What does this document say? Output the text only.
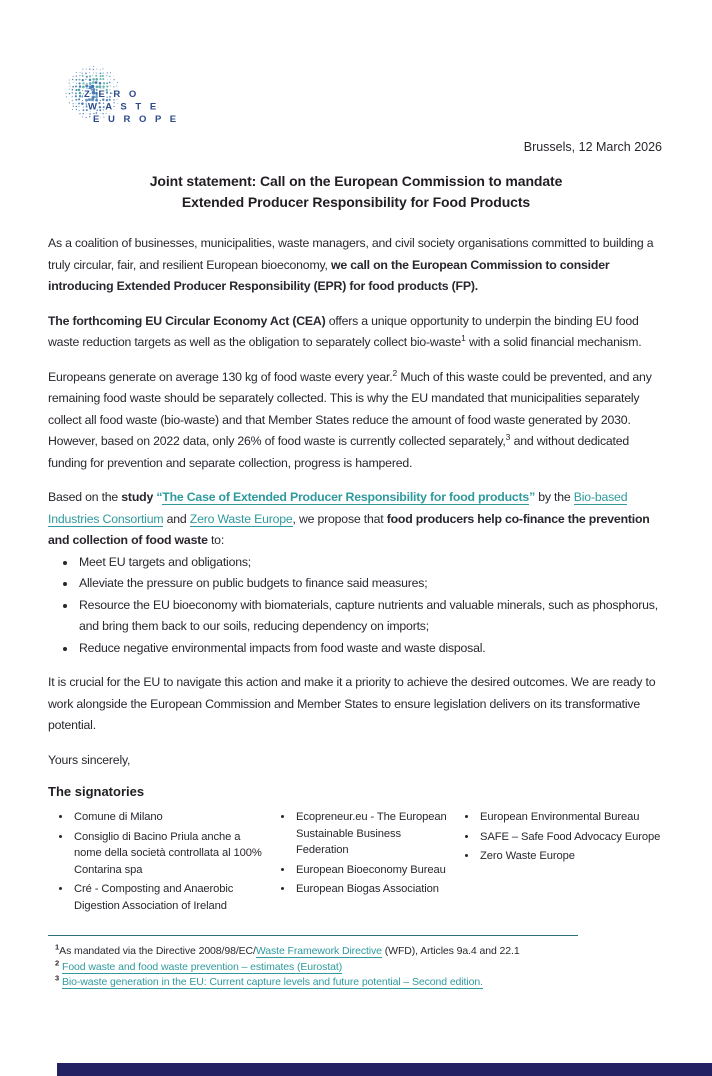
Z E R O
W A S T E
E U R O P E
Brussels, 12 March 2026
Joint statement: Call on the European Commission to mandate
Extended Producer Responsibility for Food Products

As a coalition of businesses, municipalities, waste managers, and civil society organisations committed to building a truly circular, fair, and resilient European bioeconomy, we call on the European Commission to consider introducing Extended Producer Responsibility (EPR) for food products (FP).

The forthcoming EU Circular Economy Act (CEA) offers a unique opportunity to underpin the binding EU food waste reduction targets as well as the obligation to separately collect bio-waste$^1$ with a solid financial mechanism.

Europeans generate on average 130 kg of food waste every year.$^2$ Much of this waste could be prevented, and any remaining food waste should be separately collected. This is why the EU mandated that municipalities separately collect all food waste (bio-waste) and that Member States reduce the amount of food waste generated by 2030. However, based on 2022 data, only 26% of food waste is currently collected separately,$^3$ and without dedicated funding for prevention and separate collection, progress is hampered.

Based on the study “The Case of Extended Producer Responsibility for food products” by the Bio-based Industries Consortium and Zero Waste Europe, we propose that food producers help co-finance the prevention and collection of food waste to:

• Meet EU targets and obligations;
• Alleviate the pressure on public budgets to finance said measures;
• Resource the EU bioeconomy with biomaterials, capture nutrients and valuable minerals, such as phosphorus, and bring them back to our soils, reducing dependency on imports;
• Reduce negative environmental impacts from food waste and waste disposal.

It is crucial for the EU to navigate this action and make it a priority to achieve the desired outcomes. We are ready to work alongside the European Commission and Member States to ensure legislation delivers on its transformative potential.

Yours sincerely,

The signatories
• Comune di Milano
• Consiglio di Bacino Priula anche a nome della società controllata al 100% Contarina spa
• Cré - Composting and Anaerobic Digestion Association of Ireland
• Ecopreneur.eu - The European Sustainable Business Federation
• European Bioeconomy Bureau
• European Biogas Association
• European Environmental Bureau
• SAFE – Safe Food Advocacy Europe
• Zero Waste Europe
$^1$As mandated via the Directive 2008/98/EC/Waste Framework Directive (WFD), Articles 9a.4 and 22.1
$^2$ Food waste and food waste prevention – estimates (Eurostat)
$^3$ Bio-waste generation in the EU: Current capture levels and future potential – Second edition.
